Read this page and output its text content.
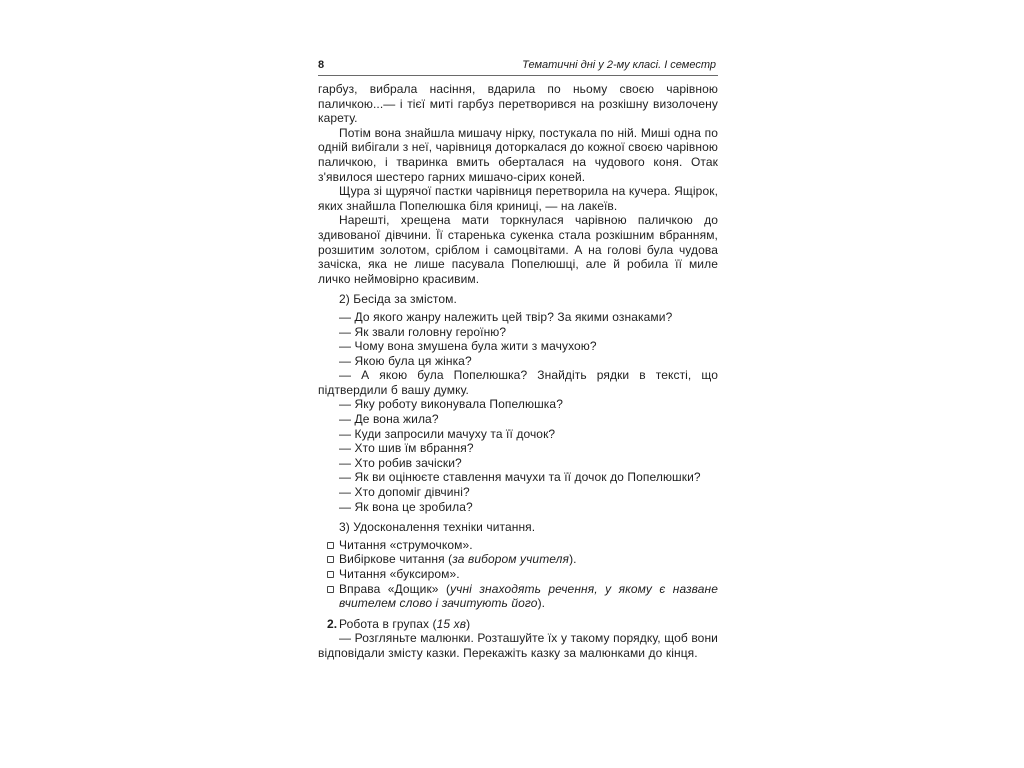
8	Тематичні дні у 2-му класі. І семестр

гарбуз, вибрала насіння, вдарила по ньому своєю чарівною паличкою...— і тієї миті гарбуз перетворився на розкішну визолочену карету.

Потім вона знайшла мишачу нірку, постукала по ній. Миші одна по одній вибігали з неї, чарівниця доторкалася до кожної своєю чарівною паличкою, і тваринка вмить оберталася на чудового коня. Отак з'явилося шестеро гарних мишачо-сірих коней.

Щура зі щурячої пастки чарівниця перетворила на кучера. Ящірок, яких знайшла Попелюшка біля криниці, — на лакеїв.

Нарешті, хрещена мати торкнулася чарівною паличкою до здивованої дівчини. Її старенька сукенка стала розкішним вбранням, розшитим золотом, сріблом і самоцвітами. А на голові була чудова зачіска, яка не лише пасувала Попелюшці, але й робила її миле личко неймовірно красивим.

2) Бесіда за змістом.

— До якого жанру належить цей твір? За якими ознаками?

— Як звали головну героїню?

— Чому вона змушена була жити з мачухою?

— Якою була ця жінка?

— А якою була Попелюшка? Знайдіть рядки в тексті, що підтвердили б вашу думку.

— Яку роботу виконувала Попелюшка?

— Де вона жила?

— Куди запросили мачуху та її дочок?

— Хто шив їм вбрання?

— Хто робив зачіски?

— Як ви оцінюєте ставлення мачухи та її дочок до Попелюшки?

— Хто допоміг дівчині?

— Як вона це зробила?

3) Удосконалення техніки читання.

Читання «струмочком».

Вибіркове читання (за вибором учителя).

Читання «буксиром».

Вправа «Дощик» (учні знаходять речення, у якому є назване вчителем слово і зачитують його).

2. Робота в групах (15 хв)

— Розгляньте малюнки. Розташуйте їх у такому порядку, щоб вони відповідали змісту казки. Перекажіть казку за малюнками до кінця.
